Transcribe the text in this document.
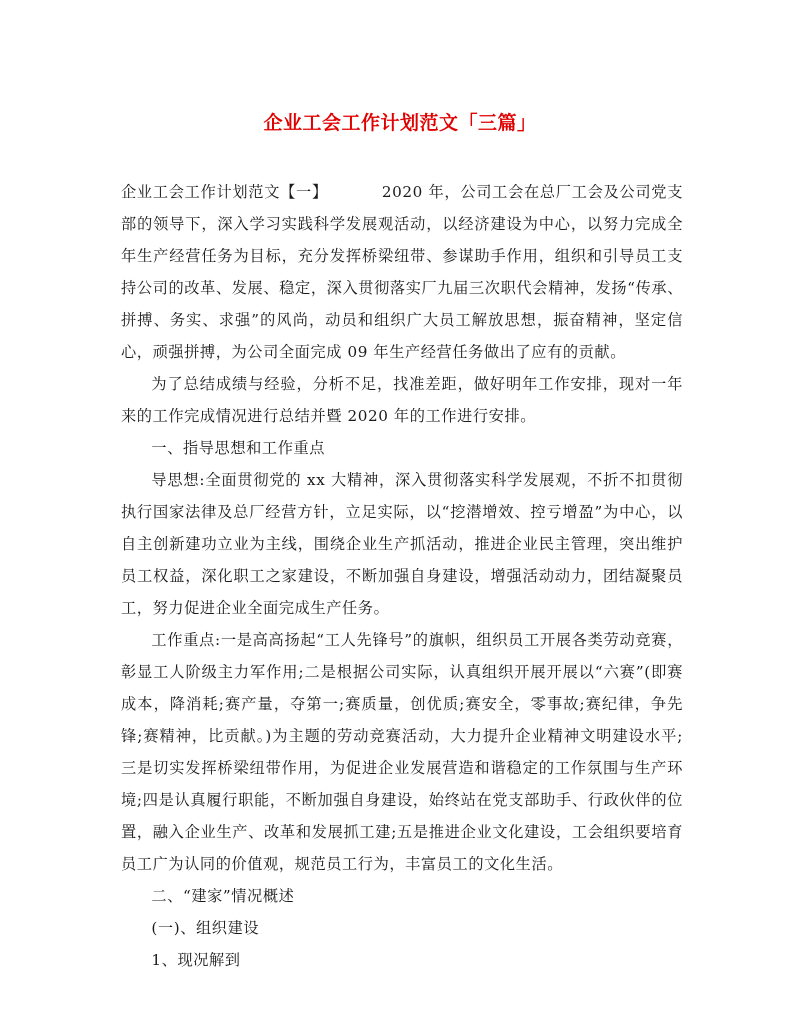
企业工会工作计划范文「三篇」

企业工会工作计划范文【一】	2020 年，公司工会在总厂工会及公司党支部的领导下，深入学习实践科学发展观活动，以经济建设为中心，以努力完成全年生产经营任务为目标，充分发挥桥梁纽带、参谋助手作用，组织和引导员工支持公司的改革、发展、稳定，深入贯彻落实厂九届三次职代会精神，发扬“传承、拼搏、务实、求强”的风尚，动员和组织广大员工解放思想，振奋精神，坚定信心，顽强拼搏，为公司全面完成 09 年生产经营任务做出了应有的贡献。

为了总结成绩与经验，分析不足，找准差距，做好明年工作安排，现对一年来的工作完成情况进行总结并暨 2020 年的工作进行安排。

一、指导思想和工作重点

导思想:全面贯彻党的 xx 大精神，深入贯彻落实科学发展观，不折不扣贯彻执行国家法律及总厂经营方针，立足实际，以“挖潜增效、控亏增盈”为中心，以自主创新建功立业为主线，围绕企业生产抓活动，推进企业民主管理，突出维护员工权益，深化职工之家建设，不断加强自身建设，增强活动动力，团结凝聚员工，努力促进企业全面完成生产任务。

工作重点:一是高高扬起“工人先锋号”的旗帜，组织员工开展各类劳动竞赛，彰显工人阶级主力军作用;二是根据公司实际，认真组织开展开展以“六赛”(即赛成本，降消耗;赛产量，夺第一;赛质量，创优质;赛安全，零事故;赛纪律，争先锋;赛精神，比贡献。)为主题的劳动竞赛活动，大力提升企业精神文明建设水平;三是切实发挥桥梁纽带作用，为促进企业发展营造和谐稳定的工作氛围与生产环境;四是认真履行职能，不断加强自身建设，始终站在党支部助手、行政伙伴的位置，融入企业生产、改革和发展抓工建;五是推进企业文化建设，工会组织要培育员工广为认同的价值观，规范员工行为，丰富员工的文化生活。

二、“建家”情况概述

(一)、组织建设

1、现况解到
